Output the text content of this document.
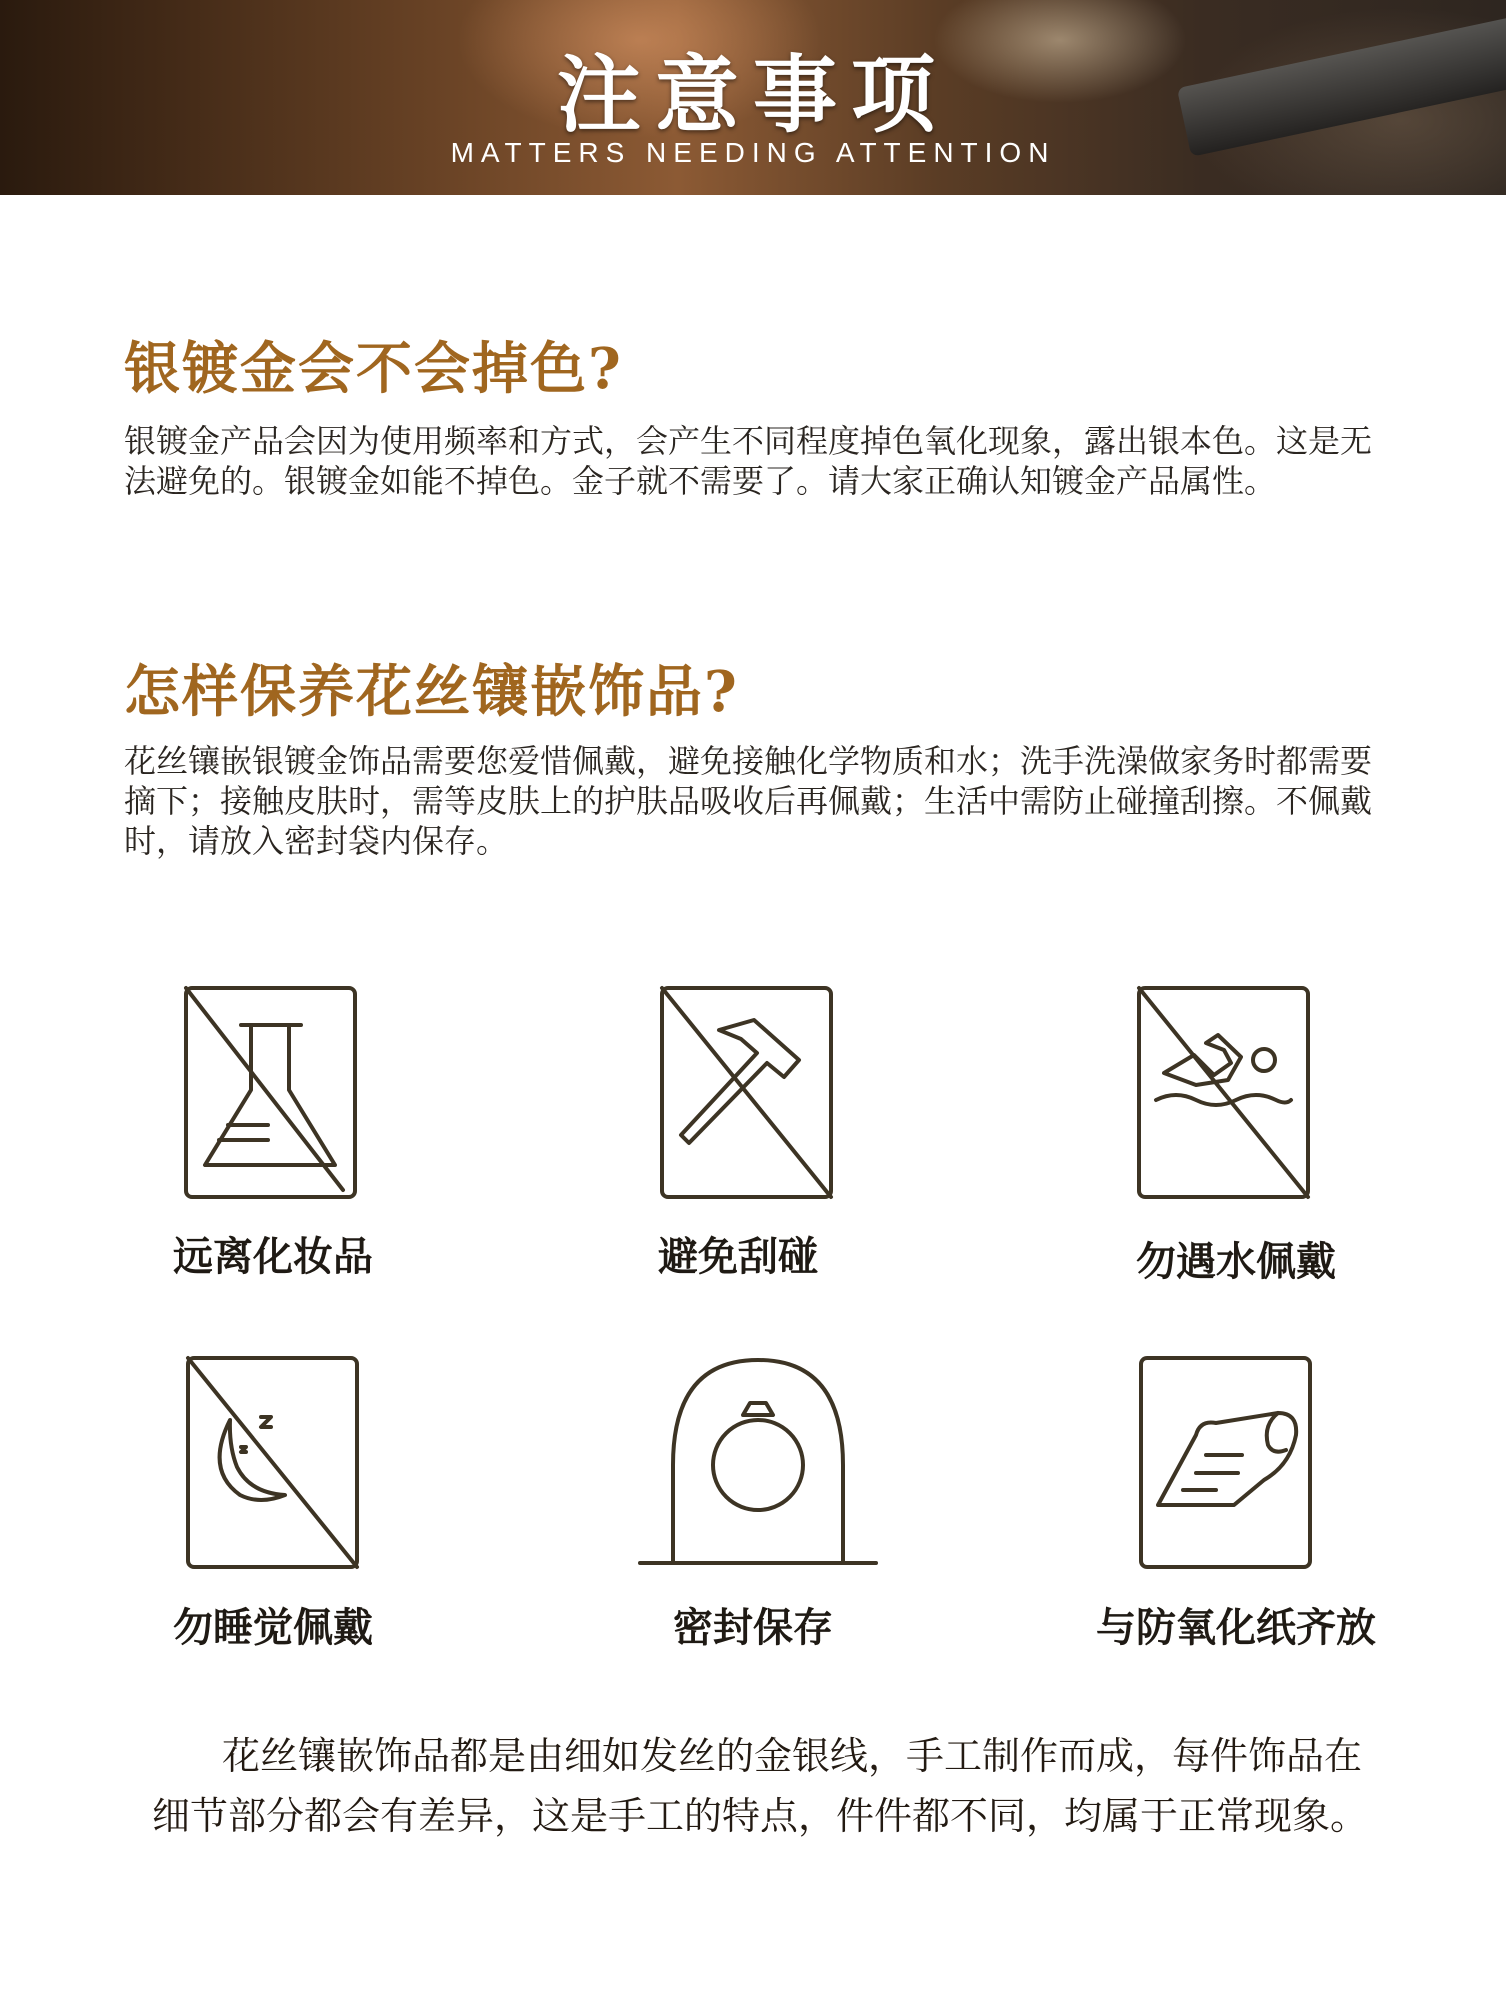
注意事项
MATTERS NEEDING ATTENTION
银镀金会不会掉色?
银镀金产品会因为使用频率和方式，会产生不同程度掉色氧化现象，露出银本色。这是无法避免的。银镀金如能不掉色。金子就不需要了。请大家正确认知镀金产品属性。
怎样保养花丝镶嵌饰品?
花丝镶嵌银镀金饰品需要您爱惜佩戴，避免接触化学物质和水；洗手洗澡做家务时都需要摘下；接触皮肤时，需等皮肤上的护肤品吸收后再佩戴；生活中需防止碰撞刮擦。不佩戴时，请放入密封袋内保存。
远离化妆品	避免刮碰	勿遇水佩戴
勿睡觉佩戴	密封保存	与防氧化纸齐放
花丝镶嵌饰品都是由细如发丝的金银线，手工制作而成，每件饰品在细节部分都会有差异，这是手工的特点，件件都不同，均属于正常现象。
